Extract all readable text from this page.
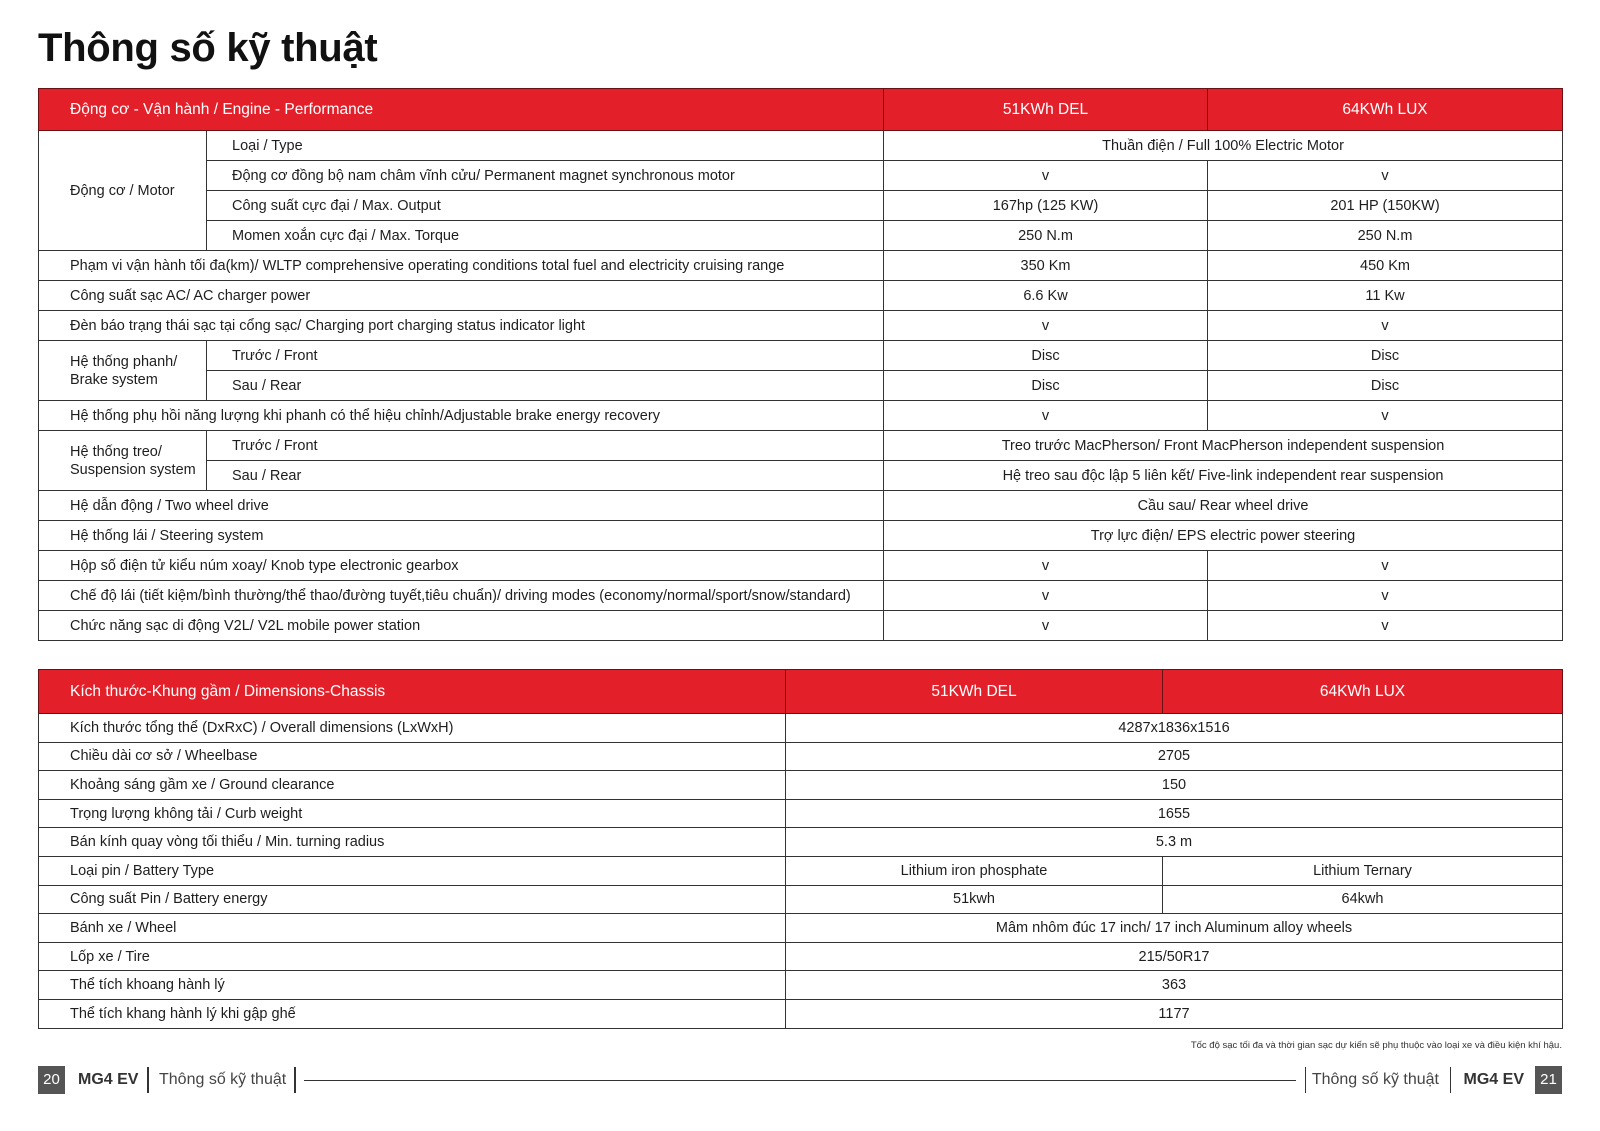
Thông số kỹ thuật
Động cơ - Vận hành / Engine - Performance		51KWh DEL	64KWh LUX
Động cơ / Motor	Loại / Type	Thuần điện / Full 100% Electric Motor	
	Động cơ đồng bộ nam châm vĩnh cửu/ Permanent magnet synchronous motor	v	v
	Công suất cực đại / Max. Output	167hp (125 KW)	201 HP (150KW)
	Momen xoắn cực đại / Max. Torque	250 N.m	250 N.m
Phạm vi vận hành tối đa(km)/ WLTP comprehensive operating conditions total fuel and electricity cruising range		350 Km	450 Km
Công suất sạc AC/ AC charger power		6.6 Kw	11 Kw
Đèn báo trạng thái sạc tại cổng sạc/ Charging port charging status indicator light		v	v
Hệ thống phanh/ Brake system	Trước / Front	Disc	Disc
	Sau / Rear	Disc	Disc
Hệ thống phụ hồi năng lượng khi phanh có thể hiệu chỉnh/Adjustable brake energy recovery		v	v
Hệ thống treo/ Suspension system	Trước / Front	Treo trước MacPherson/ Front MacPherson independent suspension	
	Sau / Rear	Hệ treo sau độc lập 5 liên kết/ Five-link independent rear suspension	
Hệ dẫn động / Two wheel drive		Cầu sau/ Rear wheel drive	
Hệ thống lái / Steering system		Trợ lực điện/ EPS electric power steering	
Hộp số điện tử kiểu núm xoay/ Knob type electronic gearbox		v	v
Chế độ lái (tiết kiệm/bình thường/thể thao/đường tuyết,tiêu chuẩn)/ driving modes (economy/normal/sport/snow/standard)		v	v
Chức năng sạc di động V2L/ V2L mobile power station		v	v
Kích thước-Khung gầm / Dimensions-Chassis	51KWh DEL	64KWh LUX
Kích thước tổng thể (DxRxC) / Overall dimensions (LxWxH)	4287x1836x1516	
Chiều dài cơ sở / Wheelbase	2705	
Khoảng sáng gầm xe / Ground clearance	150	
Trọng lượng không tải / Curb weight	1655	
Bán kính quay vòng tối thiểu / Min. turning radius	5.3 m	
Loại pin / Battery Type	Lithium iron phosphate	Lithium Ternary
Công suất Pin / Battery energy	51kwh	64kwh
Bánh xe / Wheel	Mâm nhôm đúc 17 inch/ 17 inch Aluminum alloy wheels	
Lốp xe / Tire	215/50R17	
Thể tích khoang hành lý	363	
Thể tích khang hành lý khi gập ghế	1177	
Tốc độ sạc tối đa và thời gian sạc dự kiến sẽ phụ thuộc vào loại xe và điều kiện khí hậu.
20	MG4 EV Thông số kỹ thuật	Thông số kỹ thuật MG4 EV	21
